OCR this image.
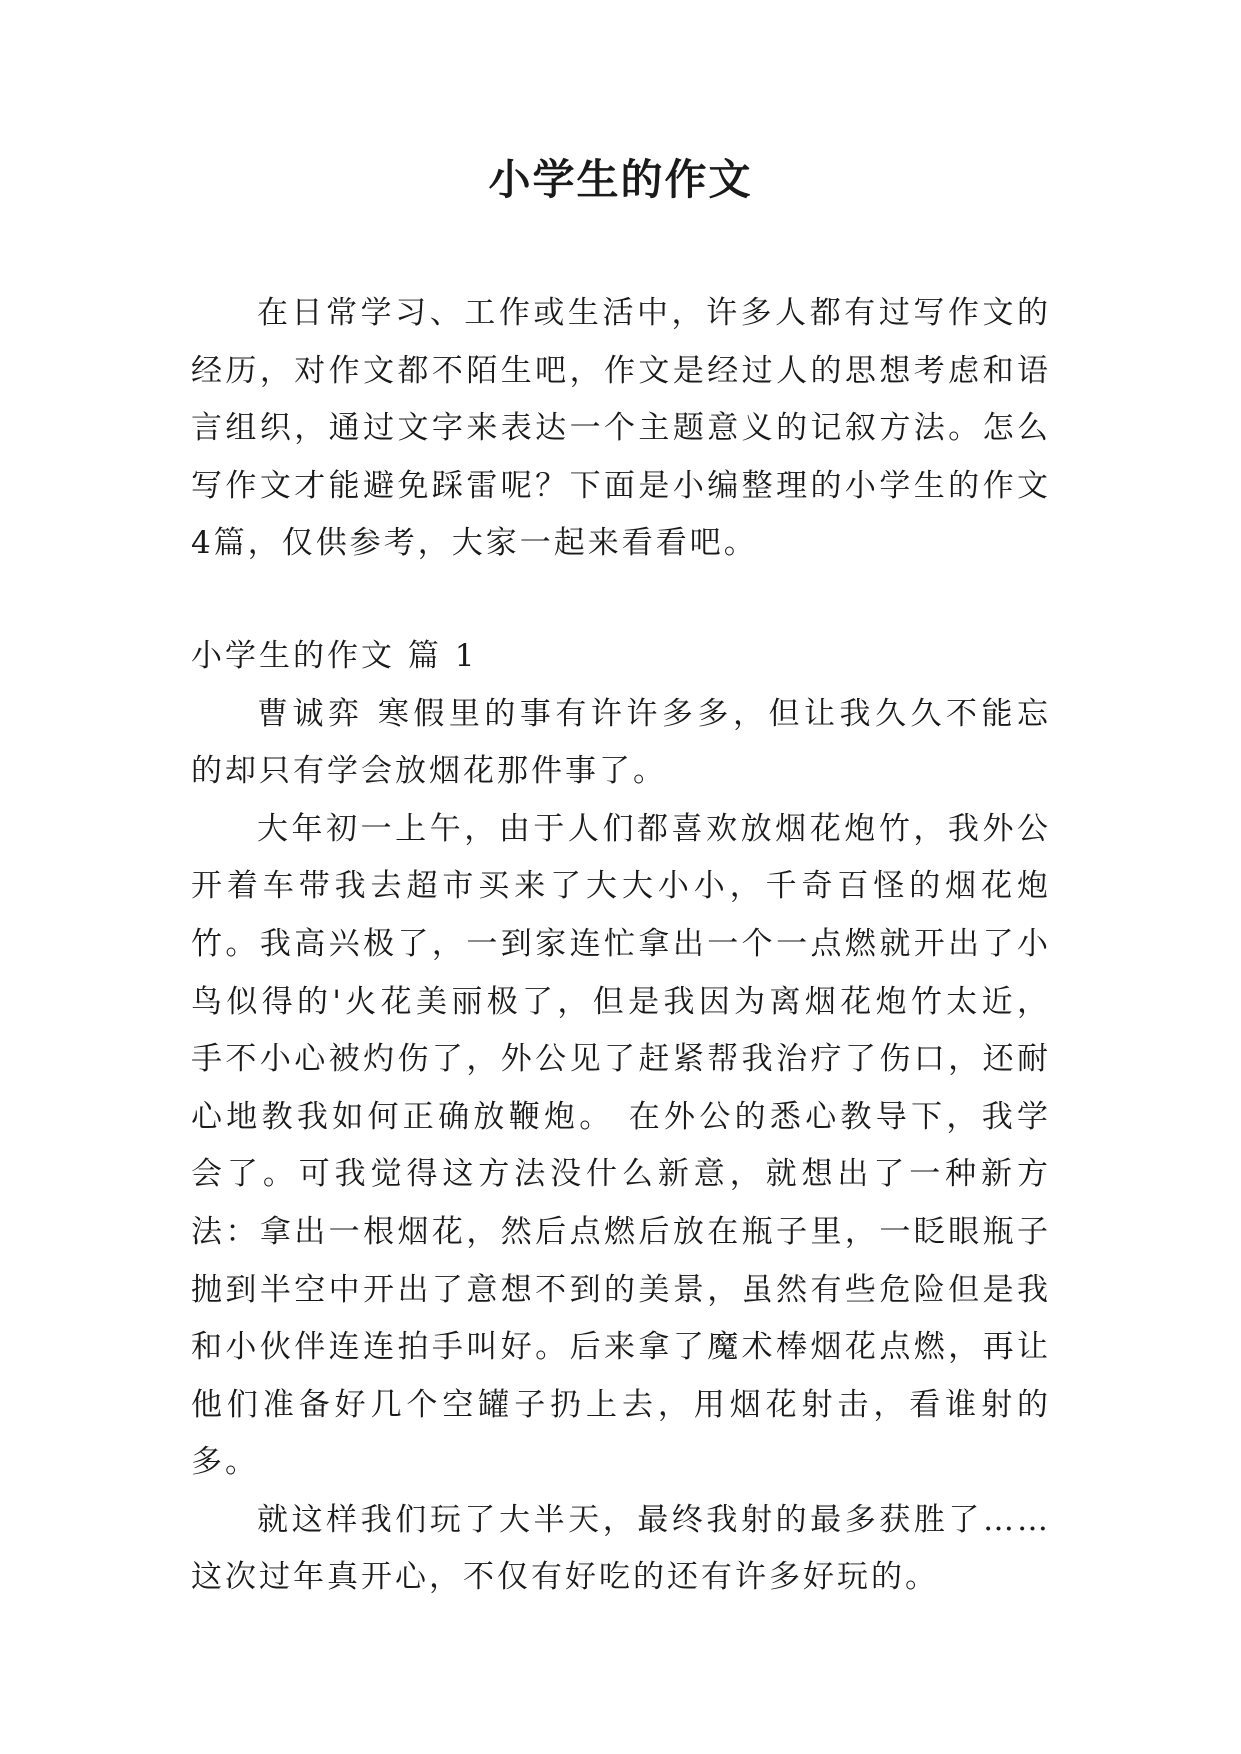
小学生的作文

在日常学习、工作或生活中，许多人都有过写作文的经历，对作文都不陌生吧，作文是经过人的思想考虑和语言组织，通过文字来表达一个主题意义的记叙方法。怎么写作文才能避免踩雷呢？下面是小编整理的小学生的作文4篇，仅供参考，大家一起来看看吧。

小学生的作文 篇 1

曹诚弈 寒假里的事有许许多多，但让我久久不能忘的却只有学会放烟花那件事了。

大年初一上午，由于人们都喜欢放烟花炮竹，我外公开着车带我去超市买来了大大小小，千奇百怪的烟花炮竹。我高兴极了，一到家连忙拿出一个一点燃就开出了小鸟似得的'火花美丽极了，但是我因为离烟花炮竹太近，手不小心被灼伤了，外公见了赶紧帮我治疗了伤口，还耐心地教我如何正确放鞭炮。 在外公的悉心教导下，我学会了。可我觉得这方法没什么新意，就想出了一种新方法：拿出一根烟花，然后点燃后放在瓶子里，一眨眼瓶子抛到半空中开出了意想不到的美景，虽然有些危险但是我和小伙伴连连拍手叫好。后来拿了魔术棒烟花点燃，再让他们准备好几个空罐子扔上去，用烟花射击，看谁射的多。

就这样我们玩了大半天，最终我射的最多获胜了……这次过年真开心，不仅有好吃的还有许多好玩的。
